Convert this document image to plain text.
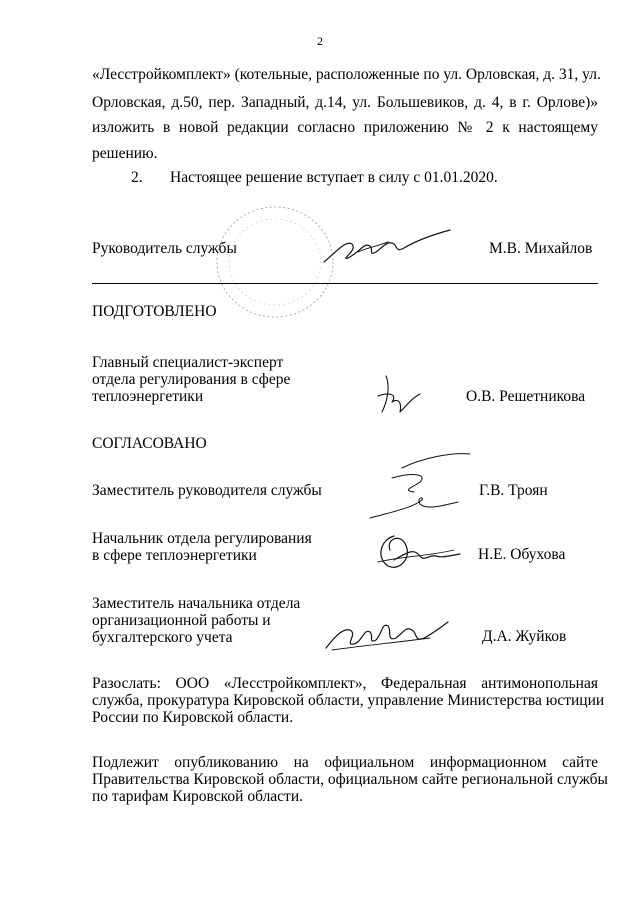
2
«Лесстройкомплект» (котельные, расположенные по ул. Орловская, д. 31, ул.
Орловская, д.50, пер. Западный, д.14, ул. Большевиков, д. 4, в г. Орлове)»
изложить в новой редакции согласно приложению № 2 к настоящему
решению.
2. Настоящее решение вступает в силу с 01.01.2020.
Руководитель службы	М.В. Михайлов
ПОДГОТОВЛЕНО
Главный специалист-эксперт
отдела регулирования в сфере
теплоэнергетики	О.В. Решетникова
СОГЛАСОВАНО
Заместитель руководителя службы	Г.В. Троян
Начальник отдела регулирования
в сфере теплоэнергетики	Н.Е. Обухова
Заместитель начальника отдела
организационной работы и
бухгалтерского учета	Д.А. Жуйков
Разослать: ООО «Лесстройкомплект», Федеральная антимонопольная
служба, прокуратура Кировской области, управление Министерства юстиции
России по Кировской области.
Подлежит опубликованию на официальном информационном сайте
Правительства Кировской области, официальном сайте региональной службы
по тарифам Кировской области.
